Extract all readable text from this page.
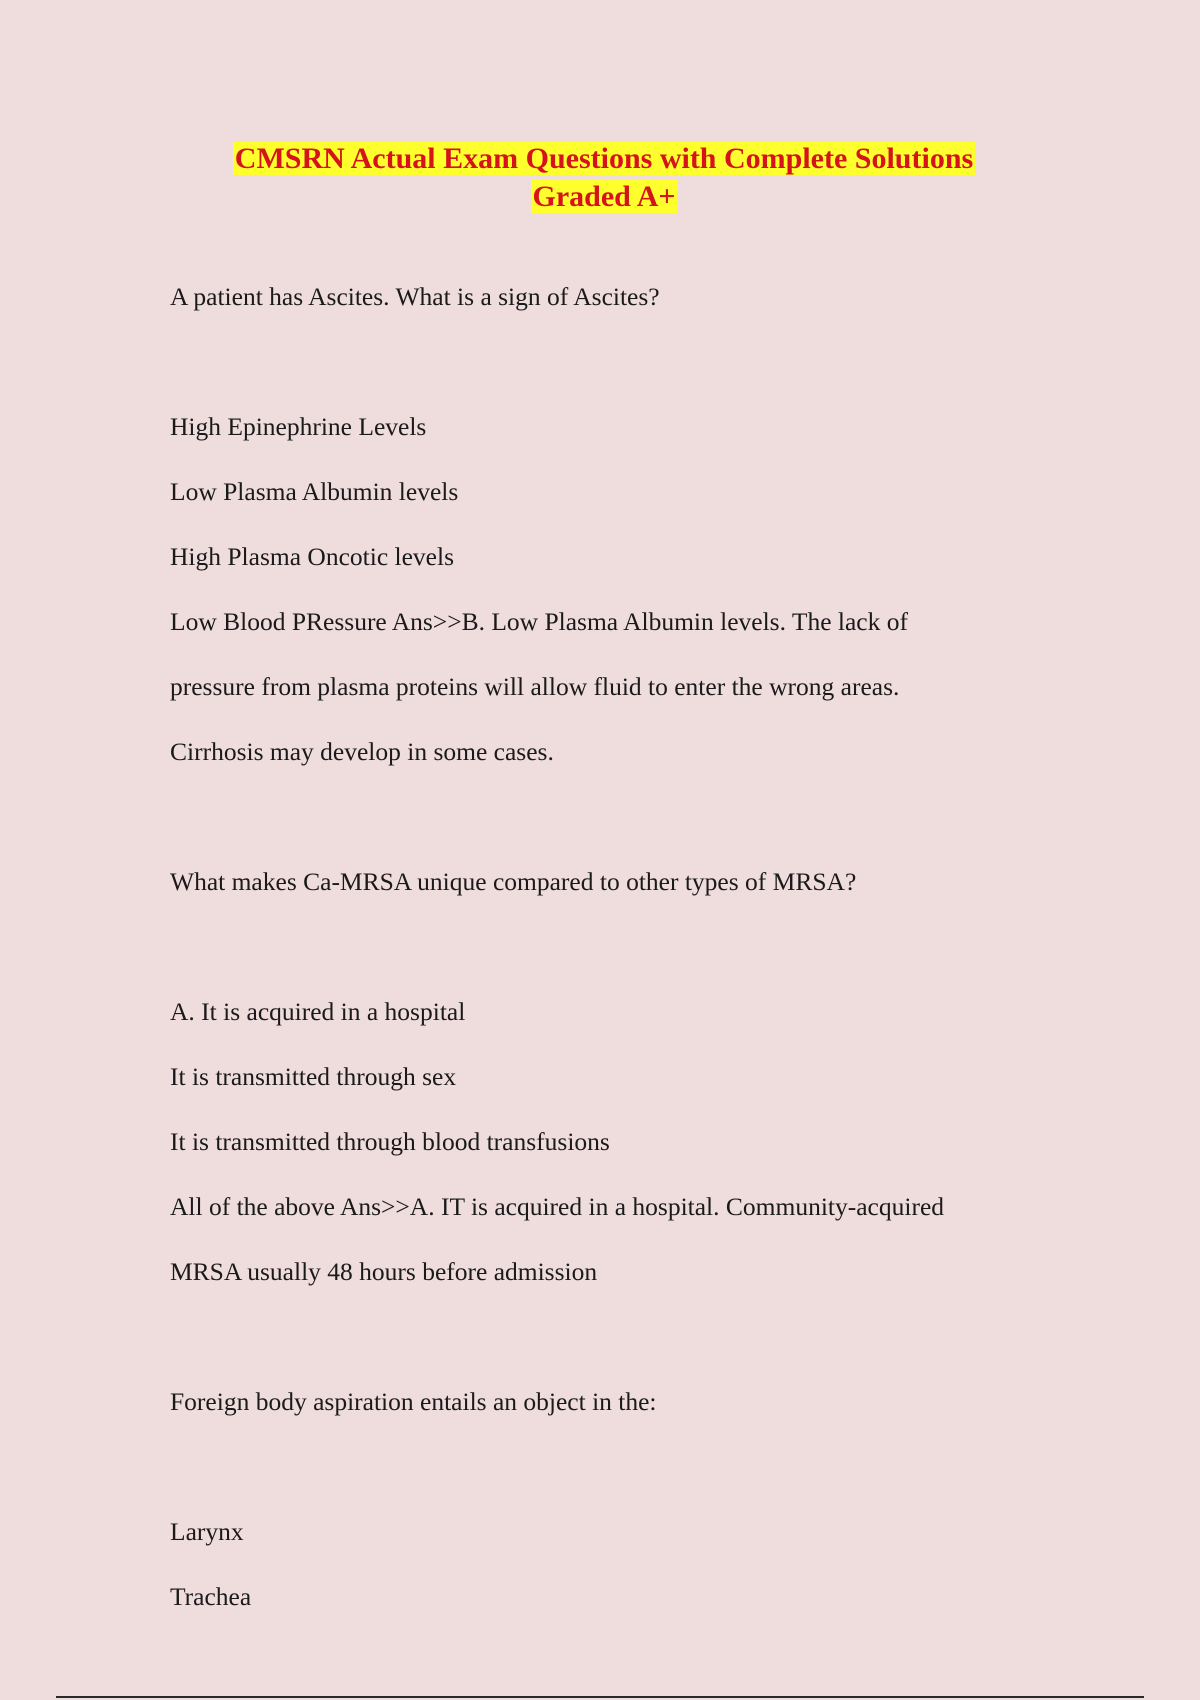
CMSRN Actual Exam Questions with Complete Solutions
Graded A+
A patient has Ascites. What is a sign of Ascites?
High Epinephrine Levels
Low Plasma Albumin levels
High Plasma Oncotic levels
Low Blood PRessure Ans>>B. Low Plasma Albumin levels. The lack of
pressure from plasma proteins will allow fluid to enter the wrong areas.
Cirrhosis may develop in some cases.
What makes Ca-MRSA unique compared to other types of MRSA?
A. It is acquired in a hospital
It is transmitted through sex
It is transmitted through blood transfusions
All of the above Ans>>A. IT is acquired in a hospital. Community-acquired
MRSA usually 48 hours before admission
Foreign body aspiration entails an object in the:
Larynx
Trachea
